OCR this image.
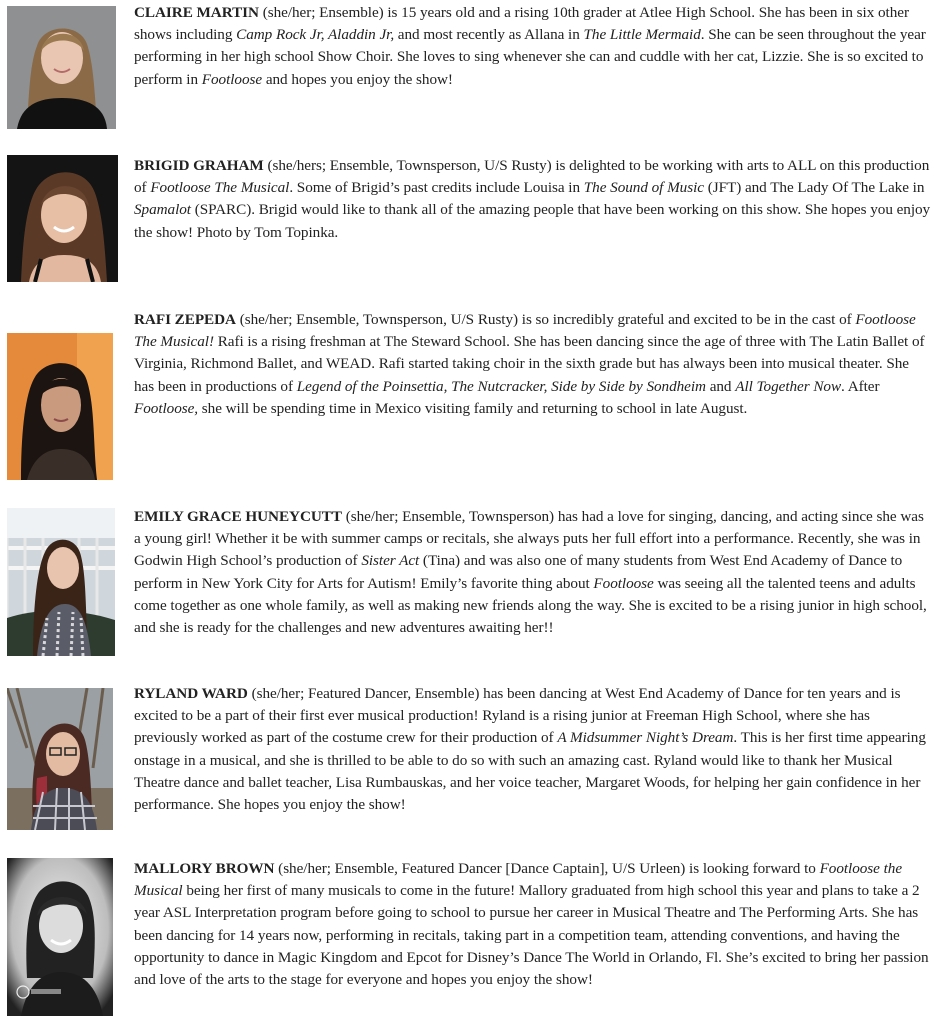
CLAIRE MARTIN (she/her; Ensemble) is 15 years old and a rising 10th grader at Atlee High School. She has been in six other shows including Camp Rock Jr, Aladdin Jr, and most recently as Allana in The Little Mermaid. She can be seen throughout the year performing in her high school Show Choir. She loves to sing whenever she can and cuddle with her cat, Lizzie. She is so excited to perform in Footloose and hopes you enjoy the show!
BRIGID GRAHAM (she/hers; Ensemble, Townsperson, U/S Rusty) is delighted to be working with arts to ALL on this production of Footloose The Musical. Some of Brigid’s past credits include Louisa in The Sound of Music (JFT) and The Lady Of The Lake in Spamalot (SPARC). Brigid would like to thank all of the amazing people that have been working on this show. She hopes you enjoy the show! Photo by Tom Topinka.
RAFI ZEPEDA (she/her; Ensemble, Townsperson, U/S Rusty) is so incredibly grateful and excited to be in the cast of Footloose The Musical! Rafi is a rising freshman at The Steward School. She has been dancing since the age of three with The Latin Ballet of Virginia, Richmond Ballet, and WEAD. Rafi started taking choir in the sixth grade but has always been into musical theater. She has been in productions of Legend of the Poinsettia, The Nutcracker, Side by Side by Sondheim and All Together Now. After Footloose, she will be spending time in Mexico visiting family and returning to school in late August.
EMILY GRACE HUNEYCUTT (she/her; Ensemble, Townsperson) has had a love for singing, dancing, and acting since she was a young girl! Whether it be with summer camps or recitals, she always puts her full effort into a performance. Recently, she was in Godwin High School’s production of Sister Act (Tina) and was also one of many students from West End Academy of Dance to perform in New York City for Arts for Autism! Emily’s favorite thing about Footloose was seeing all the talented teens and adults come together as one whole family, as well as making new friends along the way. She is excited to be a rising junior in high school, and she is ready for the challenges and new adventures awaiting her!!
RYLAND WARD (she/her; Featured Dancer, Ensemble) has been dancing at West End Academy of Dance for ten years and is excited to be a part of their first ever musical production! Ryland is a rising junior at Freeman High School, where she has previously worked as part of the costume crew for their production of A Midsummer Night’s Dream. This is her first time appearing onstage in a musical, and she is thrilled to be able to do so with such an amazing cast. Ryland would like to thank her Musical Theatre dance and ballet teacher, Lisa Rumbauskas, and her voice teacher, Margaret Woods, for helping her gain confidence in her performance. She hopes you enjoy the show!
MALLORY BROWN (she/her; Ensemble, Featured Dancer [Dance Captain], U/S Urleen) is looking forward to Footloose the Musical being her first of many musicals to come in the future! Mallory graduated from high school this year and plans to take a 2 year ASL Interpretation program before going to school to pursue her career in Musical Theatre and The Performing Arts. She has been dancing for 14 years now, performing in recitals, taking part in a competition team, attending conventions, and having the opportunity to dance in Magic Kingdom and Epcot for Disney’s Dance The World in Orlando, Fl. She’s excited to bring her passion and love of the arts to the stage for everyone and hopes you enjoy the show!
